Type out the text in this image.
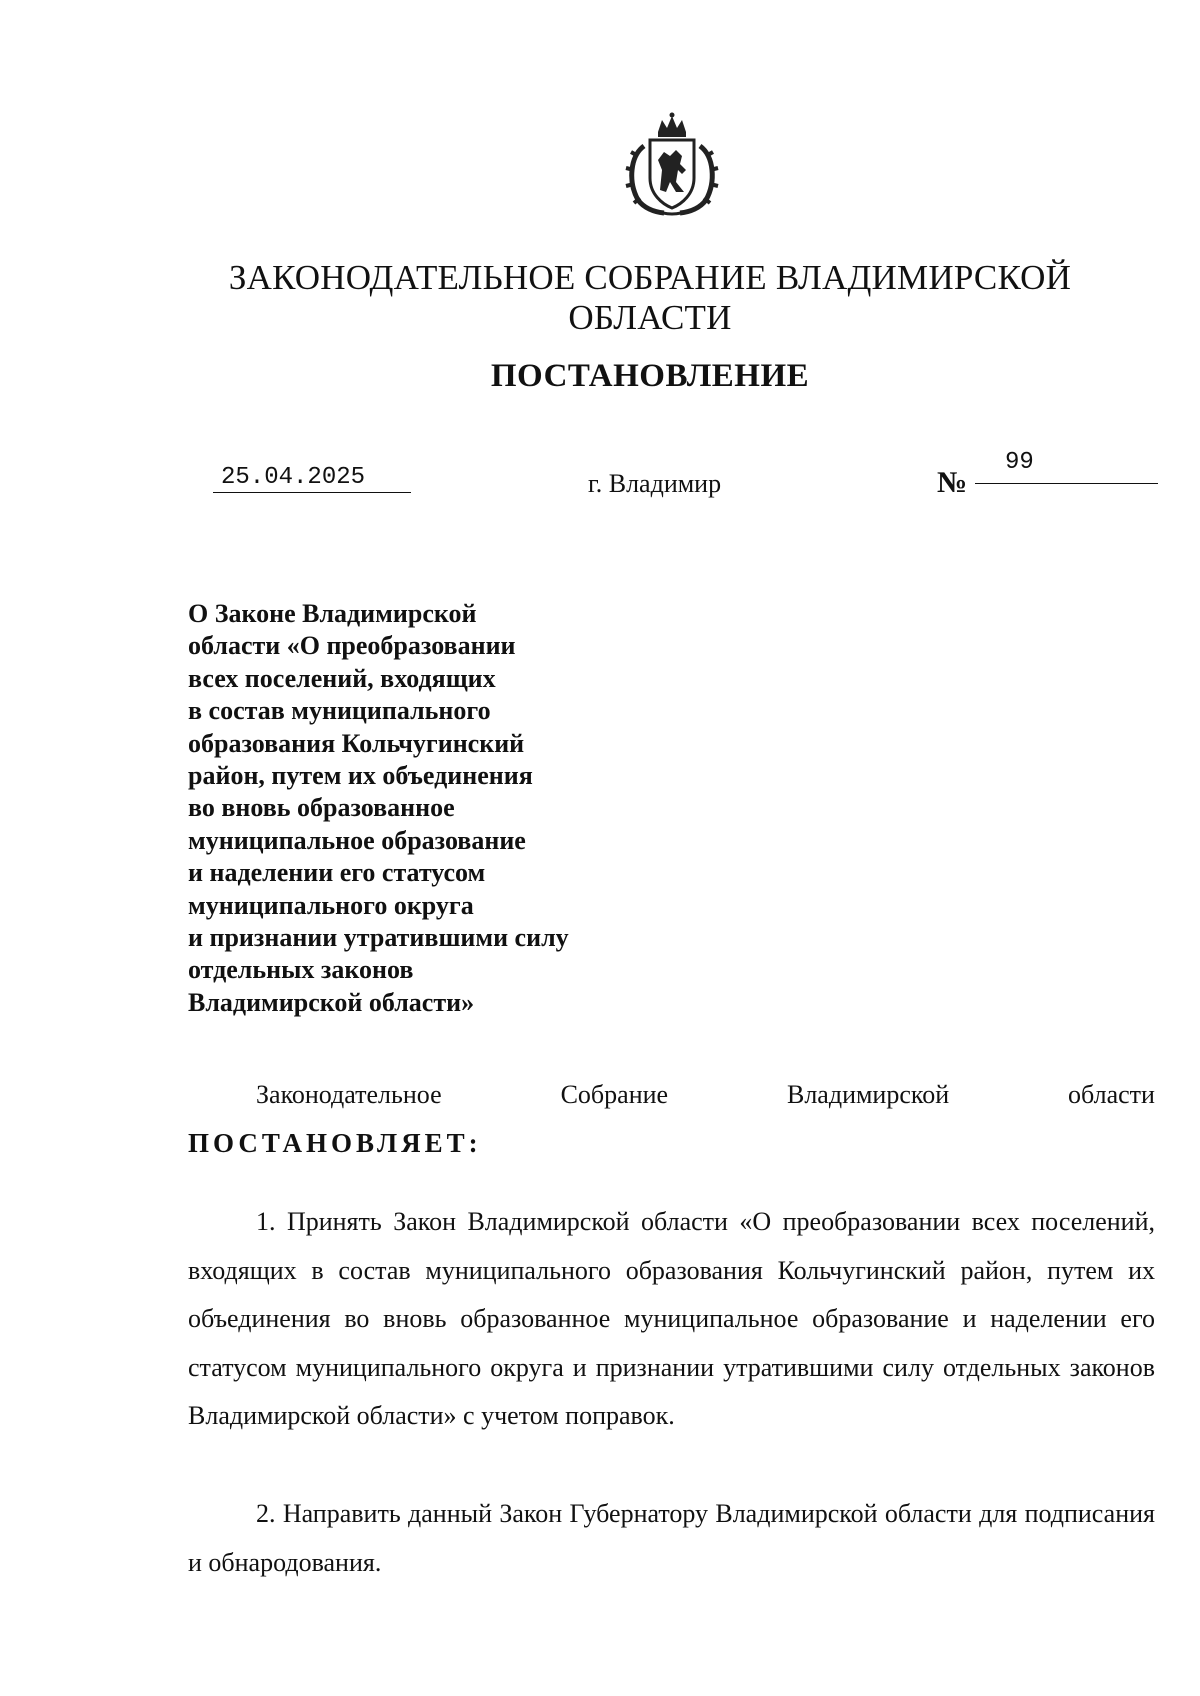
ЗАКОНОДАТЕЛЬНОЕ СОБРАНИЕ ВЛАДИМИРСКОЙ ОБЛАСТИ
ПОСТАНОВЛЕНИЕ
25.04.2025	г. Владимир	№
99
О Законе Владимирской
области «О преобразовании
всех поселений, входящих
в состав муниципального
образования Кольчугинский
район, путем их объединения
во вновь образованное
муниципальное образование
и наделении его статусом
муниципального округа
и признании утратившими силу
отдельных законов
Владимирской области»
Законодательное	Собрание	Владимирской	области
ПОСТАНОВЛЯЕТ:

1. Принять Закон Владимирской области «О преобразовании всех поселений, входящих в состав муниципального образования Кольчугинский район, путем их объединения во вновь образованное муниципальное образование и наделении его статусом муниципального округа и признании утратившими силу отдельных законов Владимирской области» с учетом поправок.

2. Направить данный Закон Губернатору Владимирской области для подписания и обнародования.
